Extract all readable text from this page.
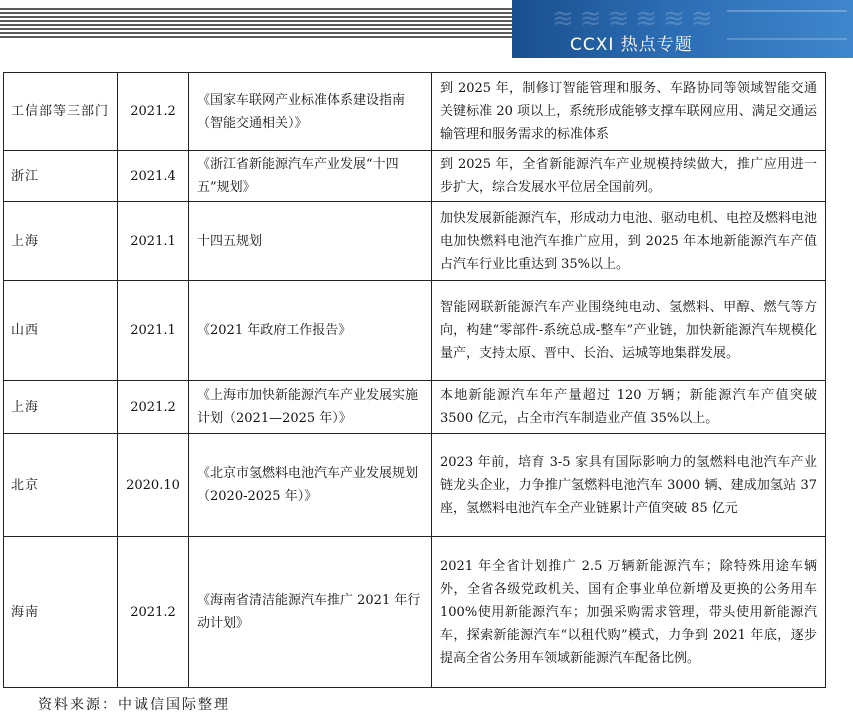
≋≋≋≋≋≋
CCXI 热点专题
工信部等三部门	2021.2	《国家车联网产业标准体系建设指南（智能交通相关）》	到 2025 年，制修订智能管理和服务、车路协同等领域智能交通关键标准 20 项以上，系统形成能够支撑车联网应用、满足交通运输管理和服务需求的标准体系
浙江	2021.4	《浙江省新能源汽车产业发展“十四五”规划》	到 2025 年，全省新能源汽车产业规模持续做大，推广应用进一步扩大，综合发展水平位居全国前列。
上海	2021.1	十四五规划	加快发展新能源汽车，形成动力电池、驱动电机、电控及燃料电池电加快燃料电池汽车推广应用，到 2025 年本地新能源汽车产值占汽车行业比重达到 35%以上。
山西	2021.1	《2021 年政府工作报告》	智能网联新能源汽车产业围绕纯电动、氢燃料、甲醇、燃气等方向，构建“零部件-系统总成-整车”产业链，加快新能源汽车规模化量产，支持太原、晋中、长治、运城等地集群发展。
上海	2021.2	《上海市加快新能源汽车产业发展实施计划（2021—2025 年）》	本地新能源汽车年产量超过 120 万辆；新能源汽车产值突破 3500 亿元，占全市汽车制造业产值 35%以上。
北京	2020.10	《北京市氢燃料电池汽车产业发展规划（2020-2025 年）》	2023 年前，培育 3-5 家具有国际影响力的氢燃料电池汽车产业链龙头企业，力争推广氢燃料电池汽车 3000 辆、建成加氢站 37 座，氢燃料电池汽车全产业链累计产值突破 85 亿元
海南	2021.2	《海南省清洁能源汽车推广 2021 年行动计划》	2021 年全省计划推广 2.5 万辆新能源汽车；除特殊用途车辆外，全省各级党政机关、国有企事业单位新增及更换的公务用车 100%使用新能源汽车；加强采购需求管理，带头使用新能源汽车，探索新能源汽车“以租代购”模式，力争到 2021 年底，逐步提高全省公务用车领域新能源汽车配备比例。
资料来源：中诚信国际整理
